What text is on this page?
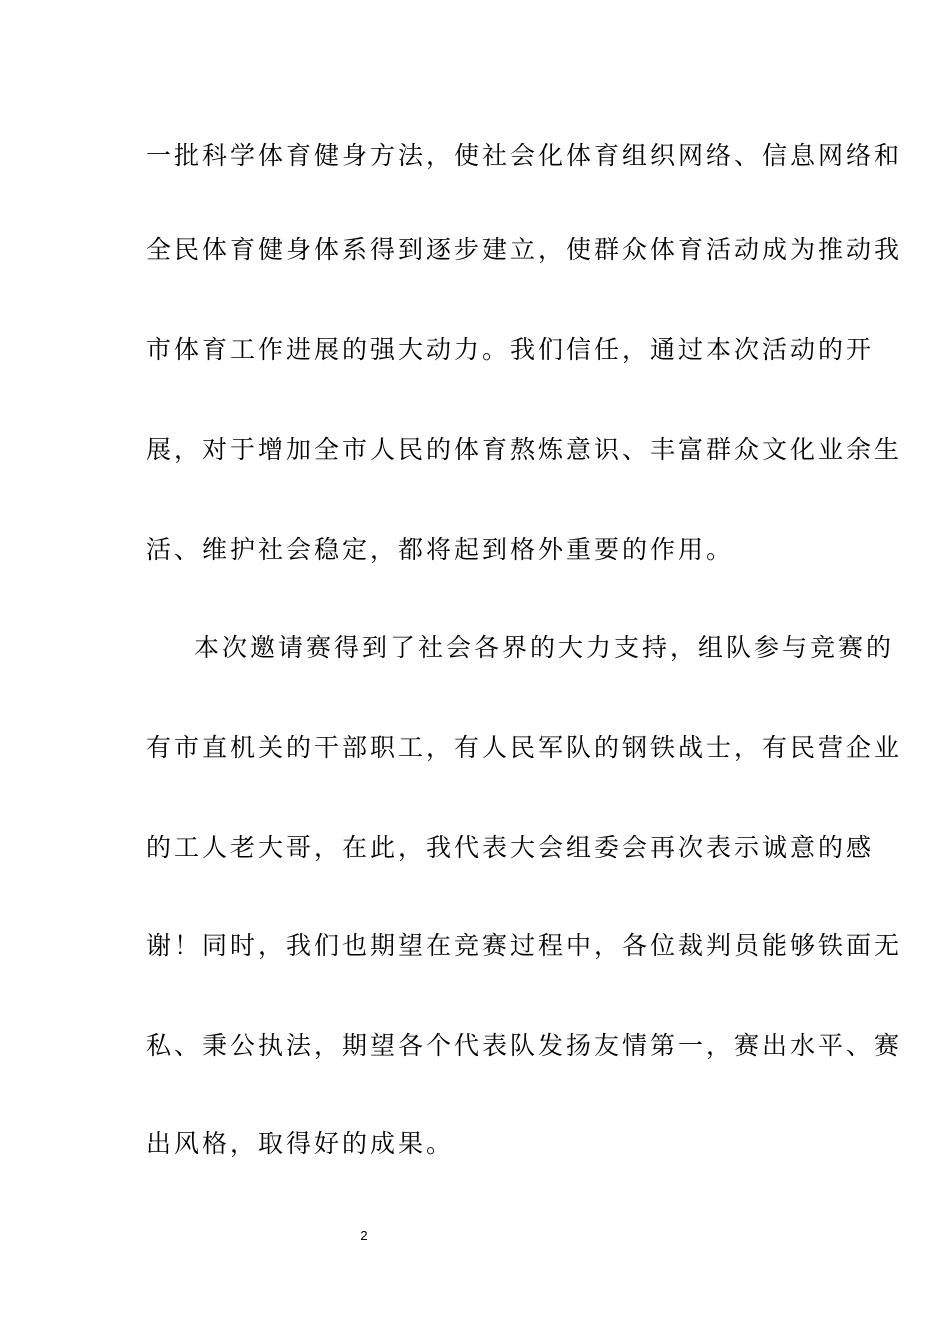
一批科学体育健身方法，使社会化体育组织网络、信息网络和
全民体育健身体系得到逐步建立，使群众体育活动成为推动我
市体育工作进展的强大动力。我们信任，通过本次活动的开
展，对于增加全市人民的体育熬炼意识、丰富群众文化业余生
活、维护社会稳定，都将起到格外重要的作用。
本次邀请赛得到了社会各界的大力支持，组队参与竞赛的
有市直机关的干部职工，有人民军队的钢铁战士，有民营企业
的工人老大哥，在此，我代表大会组委会再次表示诚意的感
谢！同时，我们也期望在竞赛过程中，各位裁判员能够铁面无
私、秉公执法，期望各个代表队发扬友情第一，赛出水平、赛
出风格，取得好的成果。
2
